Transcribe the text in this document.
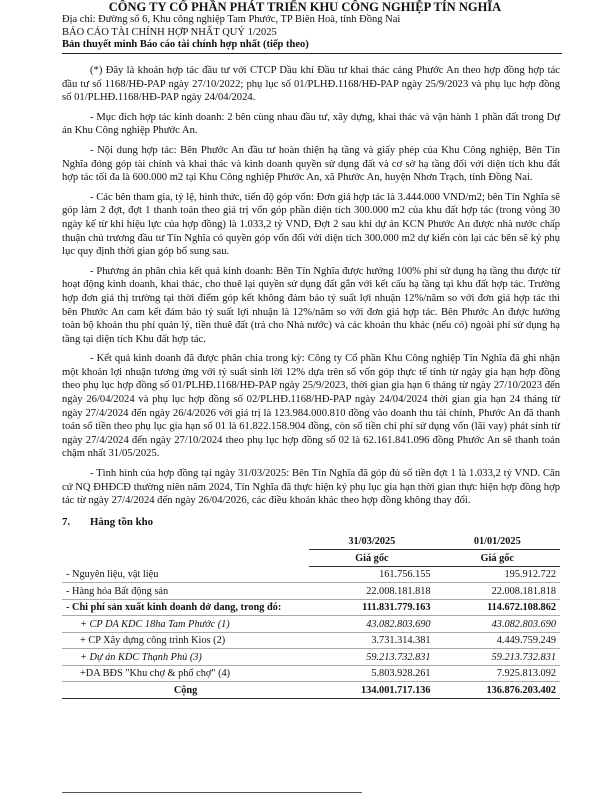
CÔNG TY CỔ PHẦN PHÁT TRIỂN KHU CÔNG NGHIỆP TÍN NGHĨA
Địa chỉ: Đường số 6, Khu công nghiệp Tam Phước, TP Biên Hoà, tỉnh Đồng Nai
BÁO CÁO TÀI CHÍNH HỢP NHẤT QUÝ 1/2025
Bản thuyết minh Báo cáo tài chính hợp nhất (tiếp theo)

(*) Đây là khoản hợp tác đầu tư với CTCP Dầu khí Đầu tư khai thác cảng Phước An theo hợp đồng hợp tác đầu tư số 1168/HĐ-PAP ngày 27/10/2022; phụ lục số 01/PLHĐ.1168/HĐ-PAP ngày 25/9/2023 và phụ lục hợp đồng số 01/PLHĐ.1168/HĐ-PAP ngày 24/04/2024.

- Mục đích hợp tác kinh doanh: 2 bên cùng nhau đầu tư, xây dựng, khai thác và vận hành 1 phần đất trong Dự án Khu Công nghiệp Phước An.

- Nội dung hợp tác: Bên Phước An đầu tư hoàn thiện hạ tầng và giấy phép của Khu Công nghiệp, Bên Tín Nghĩa đóng góp tài chính và khai thác và kinh doanh quyền sử dụng đất và cơ sở hạ tầng đối với diện tích khu đất hợp tác tối đa là 600.000 m2 tại Khu Công nghiệp Phước An, xã Phước An, huyện Nhơn Trạch, tỉnh Đồng Nai.

- Các bên tham gia, tỷ lệ, hình thức, tiến độ góp vốn: Đơn giá hợp tác là 3.444.000 VND/m2; bên Tín Nghĩa sẽ góp làm 2 đợt, đợt 1 thanh toán theo giá trị vốn góp phần diện tích 300.000 m2 của khu đất hợp tác (trong vòng 30 ngày kể từ khi hiệu lực của hợp đồng) là 1.033,2 tỷ VND, Đợt 2 sau khi dự án KCN Phước An được nhà nước chấp thuận chủ trương đầu tư Tín Nghĩa có quyền góp vốn đối với diện tích 300.000 m2 dự kiến còn lại các bên sẽ ký phụ lục quy định thời gian góp bổ sung sau.

- Phương án phân chia kết quả kinh doanh: Bên Tín Nghĩa được hưởng 100% phí sử dụng hạ tầng thu được từ hoạt động kinh doanh, khai thác, cho thuê lại quyền sử dụng đất gắn với kết cấu hạ tầng tại khu đất hợp tác. Trường hợp đơn giá thị trường tại thời điểm góp kết không đảm bảo tỷ suất lợi nhuận 12%/năm so với đơn giá hợp tác thì bên Phước An cam kết đảm bảo tỷ suất lợi nhuận là 12%/năm so với đơn giá hợp tác. Bên Phước An được hưởng toàn bộ khoản thu phí quản lý, tiền thuê đất (trả cho Nhà nước) và các khoản thu khác (nếu có) ngoài phí sử dụng hạ tầng tại diện tích Khu đất hợp tác.

- Kết quả kinh doanh đã được phân chia trong kỳ: Công ty Cổ phần Khu Công nghiệp Tín Nghĩa đã ghi nhận một khoản lợi nhuận tương ứng với tỷ suất sinh lời 12% dựa trên số vốn góp thực tế tính từ ngày gia hạn hợp đồng theo phụ lục hợp đồng số 01/PLHĐ.1168/HĐ-PAP ngày 25/9/2023, thời gian gia hạn 6 tháng từ ngày 27/10/2023 đến ngày 26/04/2024 và phụ lục hợp đồng số 02/PLHĐ.1168/HĐ-PAP ngày 24/04/2024 thời gian gia hạn 24 tháng từ ngày 27/4/2024 đến ngày 26/4/2026 với giá trị là 123.984.000.810 đồng vào doanh thu tài chính, Phước An đã thanh toán số tiền theo phụ lục gia hạn số 01 là 61.822.158.904 đồng, còn số tiền chi phí sử dụng vốn (lãi vay) phát sinh từ ngày 27/4/2024 đến ngày 27/10/2024 theo phụ lục hợp đồng số 02 là 62.161.841.096 đồng Phước An sẽ thanh toán chậm nhất 31/05/2025.

- Tình hình của hợp đồng tại ngày 31/03/2025: Bên Tín Nghĩa đã góp đủ số tiền đợt 1 là 1.033,2 tỷ VND. Căn cứ NQ ĐHĐCĐ thường niên năm 2024, Tín Nghĩa đã thực hiện ký phụ lục gia hạn thời gian thực hiện hợp đồng hợp tác từ ngày 27/4/2024 đến ngày 26/04/2026, các điều khoản khác theo hợp đồng không thay đổi.

7.	Hàng tồn kho
	31/03/2025	01/01/2025
	Giá gốc	Giá gốc
- Nguyên liệu, vật liệu	161.756.155	195.912.722
- Hàng hóa Bất động sản	22.008.181.818	22.008.181.818
- Chi phí sản xuất kinh doanh dở dang, trong đó:	111.831.779.163	114.672.108.862
+ CP DA KDC 18ha Tam Phước (1)	43.082.803.690	43.082.803.690
+ CP Xây dựng công trình Kios (2)	3.731.314.381	4.449.759.249
+ Dự án KDC Thạnh Phú (3)	59.213.732.831	59.213.732.831
+DA BĐS "Khu chợ & phố chợ" (4)	5.803.928.261	7.925.813.092
Cộng	134.001.717.136	136.876.203.402
